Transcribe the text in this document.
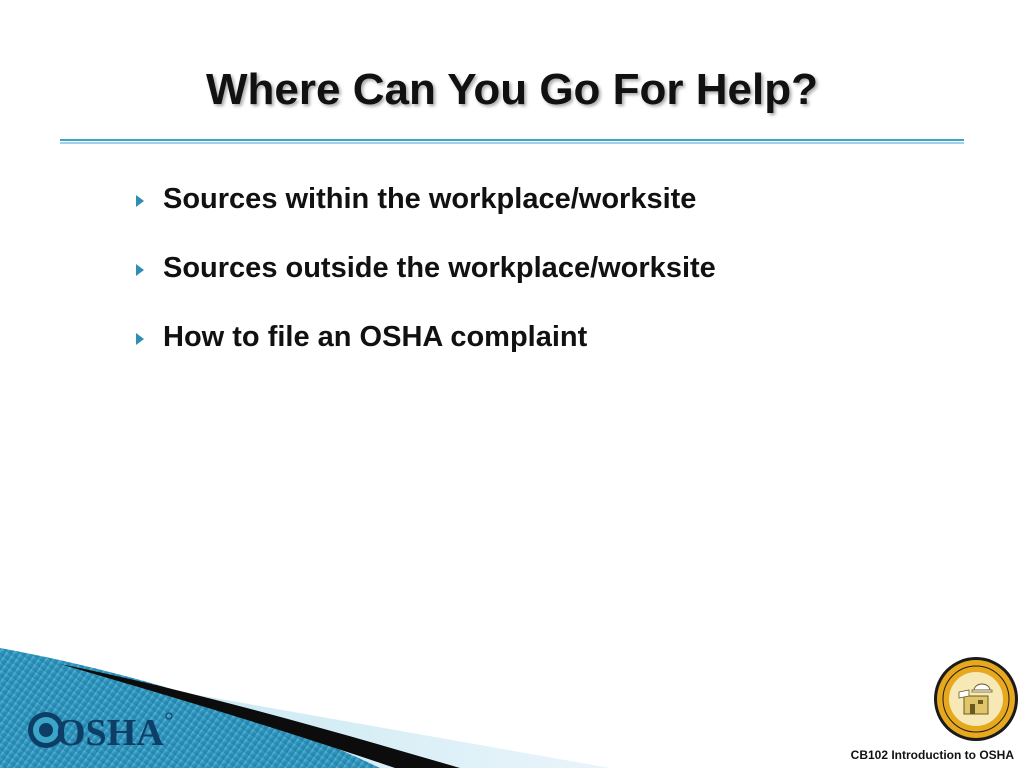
Where Can You Go For Help?
Sources within the workplace/worksite
Sources outside the workplace/worksite
How to file an OSHA complaint
OSHA
CB102 Introduction to OSHA
